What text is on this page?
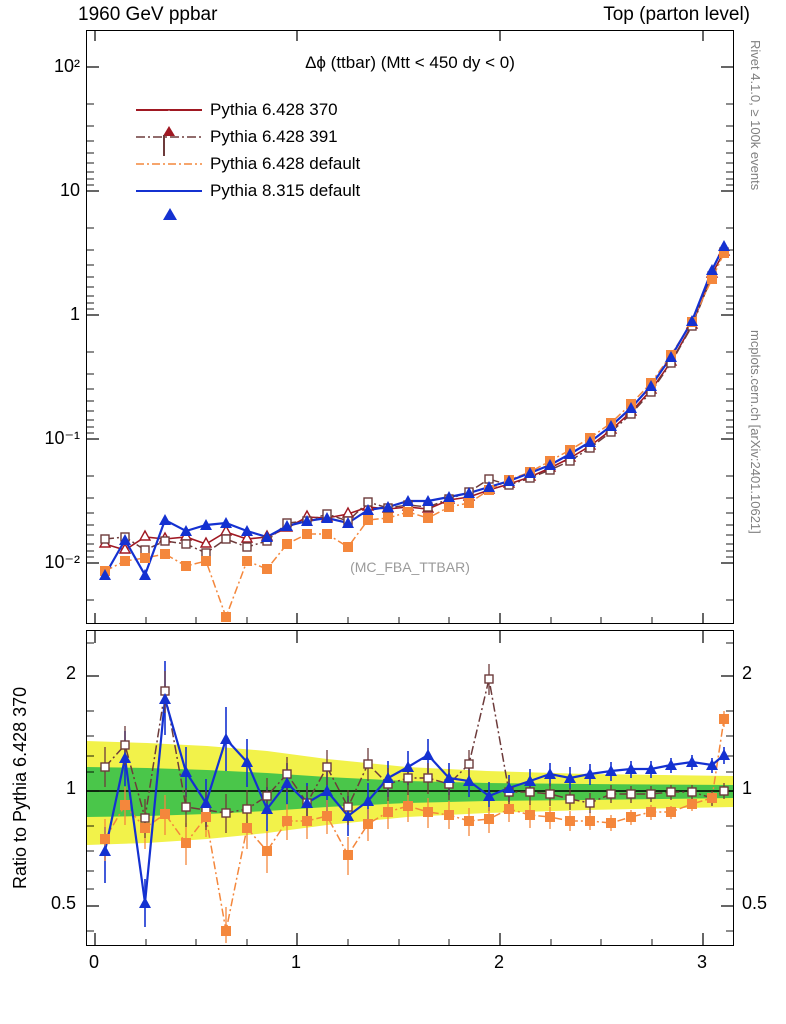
1960 GeV ppbar	Top (parton level)
Rivet 4.1.0, ≥ 100k events
mcplots.cern.ch [arXiv:2401.10621]
Δϕ (ttbar) (Mtt < 450 dy < 0)
(MC_FBA_TTBAR)
10²
10
1
10⁻¹
10⁻²
Pythia 6.428 370
Pythia 6.428 391
Pythia 6.428 default
Pythia 8.315 default
2
1
0.5
2
1
0.5
0	1	2	3
Ratio to Pythia 6.428 370
